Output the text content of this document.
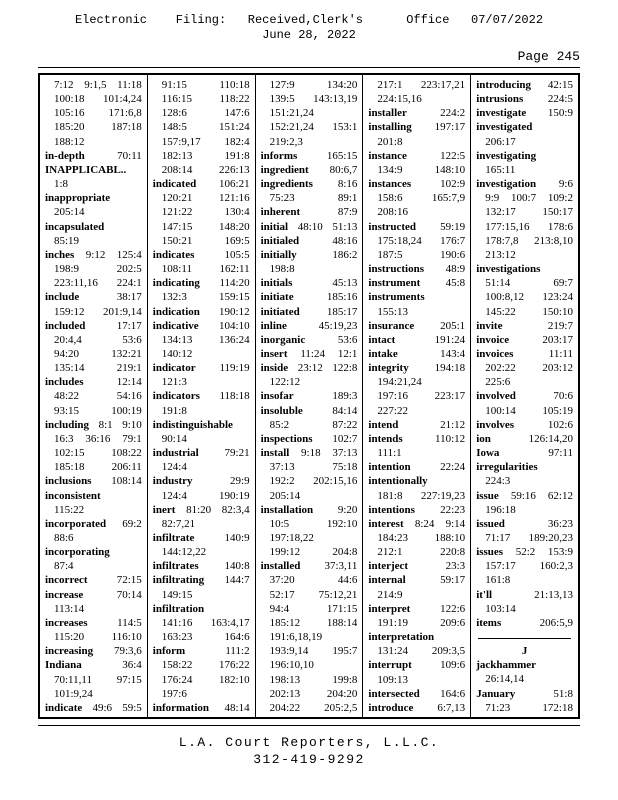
Electronic    Filing:   Received,Clerk's      Office   07/07/2022
June 28, 2022
Page 245
7:12 9:1,5 11:18
100:18 101:4,24
105:16 171:6,8
185:20 187:18
188:12
in-depth 70:11
INAPPLICABL..
1:8
inappropriate
205:14
incapsulated
85:19
inches 9:12 125:4
198:9 202:5
223:11,16 224:1
include 38:17
159:12 201:9,14
included 17:17
20:4,4 53:6
94:20 132:21
135:14 219:1
includes 12:14
48:22 54:16
93:15 100:19
including 8:1 9:10
16:3 36:16 79:1
102:15 108:22
185:18 206:11
inclusions 108:14
inconsistent
115:22
incorporated 69:2
88:6
incorporating
87:4
incorrect 72:15
increase 70:14
113:14
increases 114:5
115:20 116:10
increasing 79:3,6
Indiana 36:4
70:11,11 97:15
101:9,24
indicate 49:6 59:5
91:15 110:18
116:15 118:22
128:6 147:6
148:5 151:24
157:9,17 182:4
182:13 191:8
208:14 226:13
indicated 106:21
120:21 121:16
121:22 130:4
147:15 148:20
150:21 169:5
indicates 105:5
108:11 162:11
indicating 114:20
132:3 159:15
indication 190:12
indicative 104:10
134:13 136:24
140:12
indicator 119:19
121:3
indicators 118:18
191:8
indistinguishable
90:14
industrial 79:21
124:4
industry 29:9
124:4 190:19
inert 81:20 82:3,4
82:7,21
infiltrate 140:9
144:12,22
infiltrates 140:8
infiltrating 144:7
149:15
infiltration
141:16 163:4,17
163:23 164:6
inform 111:2
158:22 176:22
176:24 182:10
197:6
information 48:14
127:9 134:20
139:5 143:13,19
151:21,24
152:21,24 153:1
219:2,3
informs 165:15
ingredient 80:6,7
ingredients 8:16
75:23 89:1
inherent 87:9
initial 48:10 51:13
initialed 48:16
initially 186:2
198:8
initials 45:13
initiate 185:16
initiated 185:17
inline 45:19,23
inorganic 53:6
insert 11:24 12:1
inside 23:12 122:8
122:12
insofar 189:3
insoluble 84:14
85:2 87:22
inspections 102:7
install 9:18 37:13
37:13 75:18
192:2 202:15,16
205:14
installation 9:20
10:5 192:10
197:18,22
199:12 204:8
installed 37:3,11
37:20 44:6
52:17 75:12,21
94:4 171:15
185:12 188:14
191:6,18,19
193:9,14 195:7
196:10,10
198:13 199:8
202:13 204:20
204:22 205:2,5
217:1 223:17,21
224:15,16
installer 224:2
installing 197:17
201:8
instance 122:5
134:9 148:10
instances 102:9
158:6 165:7,9
208:16
instructed 59:19
175:18,24 176:7
187:5 190:6
instructions 48:9
instrument 45:8
instruments
155:13
insurance 205:1
intact 191:24
intake 143:4
integrity 194:18
194:21,24
197:16 223:17
227:22
intend 21:12
intends 110:12
111:1
intention 22:24
intentionally
181:8 227:19,23
intentions 22:23
interest 8:24 9:14
184:23 188:10
212:1 220:8
interject 23:3
internal 59:17
214:9
interpret 122:6
191:19 209:6
interpretation
131:24 209:3,5
interrupt 109:6
109:13
intersected 164:6
introduce 6:7,13
introducing 42:15
intrusions 224:5
investigate 150:9
investigated
206:17
investigating
165:11
investigation 9:6
9:9 100:7 109:2
132:17 150:17
177:15,16 178:6
178:7,8 213:8,10
213:12
investigations
51:14 69:7
100:8,12 123:24
145:22 150:10
invite 219:7
invoice 203:17
invoices 11:11
202:22 203:12
225:6
involved 70:6
100:14 105:19
involves 102:6
ion 126:14,20
Iowa 97:11
irregularities
224:3
issue 59:16 62:12
196:18
issued 36:23
71:17 189:20,23
issues 52:2 153:9
157:17 160:2,3
161:8
it'll 21:13,13
103:14
items 206:5,9
J
jackhammer
26:14,14
January 51:8
71:23 172:18
L.A. Court Reporters, L.L.C.
312-419-9292
